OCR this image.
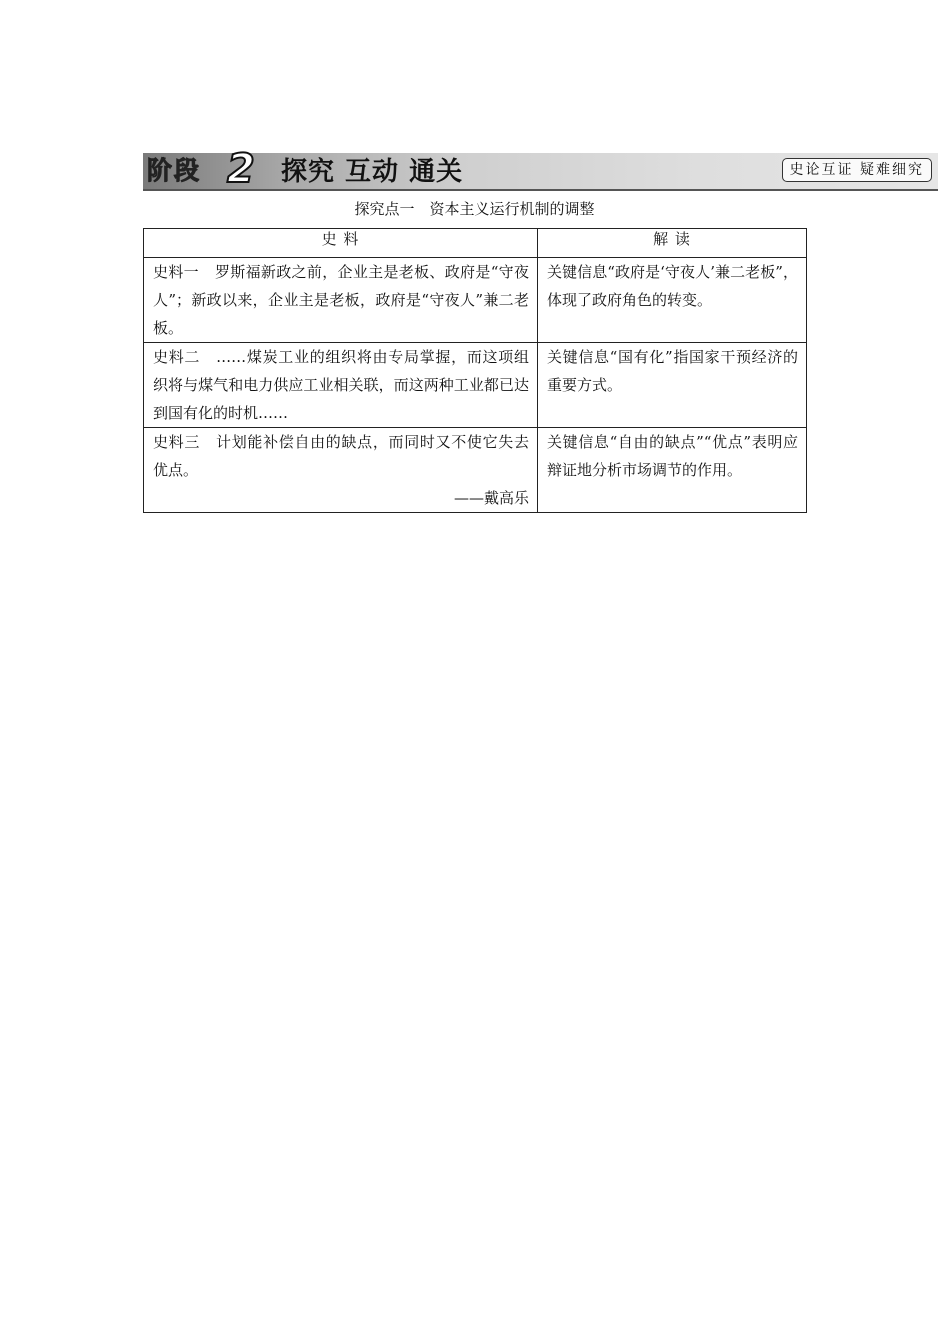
阶段 2 探究 互动 通关	史论互证 疑难细究
探究点一　资本主义运行机制的调整
史 料	解 读

史料一 罗斯福新政之前，企业主是老板、政府是“守夜人”；新政以来，企业主是老板，政府是“守夜人”兼二老板。	关键信息“政府是‘守夜人’兼二老板”，体现了政府角色的转变。

史料二 ……煤炭工业的组织将由专局掌握，而这项组织将与煤气和电力供应工业相关联，而这两种工业都已达到国有化的时机……	关键信息“国有化”指国家干预经济的重要方式。

史料三 计划能补偿自由的缺点，而同时又不使它失去优点。
——戴高乐	关键信息“自由的缺点”“优点”表明应辩证地分析市场调节的作用。
